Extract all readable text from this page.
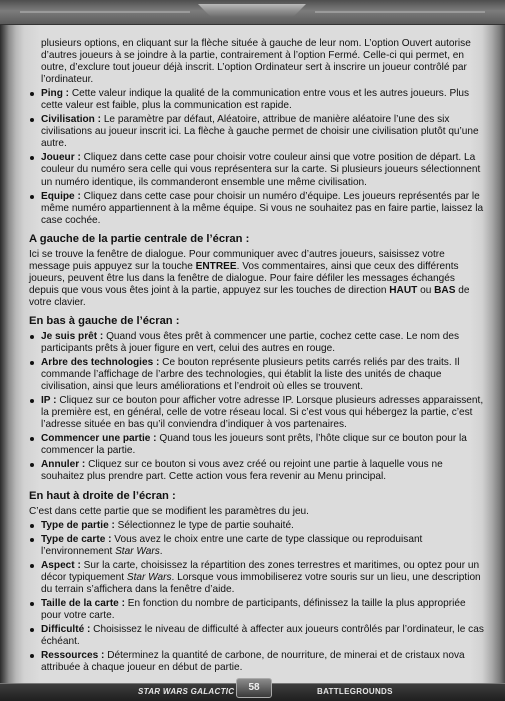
plusieurs options, en cliquant sur la flèche située à gauche de leur nom. L’option Ouvert autorise d’autres joueurs à se joindre à la partie, contrairement à l’option Fermé. Celle-ci qui permet, en outre, d’exclure tout joueur déjà inscrit. L’option Ordinateur sert à inscrire un joueur contrôlé par l’ordinateur.

Ping : Cette valeur indique la qualité de la communication entre vous et les autres joueurs. Plus cette valeur est faible, plus la communication est rapide.
Civilisation : Le paramètre par défaut, Aléatoire, attribue de manière aléatoire l’une des six civilisations au joueur inscrit ici. La flèche à gauche permet de choisir une civilisation plutôt qu’une autre.
Joueur : Cliquez dans cette case pour choisir votre couleur ainsi que votre position de départ. La couleur du numéro sera celle qui vous représentera sur la carte. Si plusieurs joueurs sélectionnent un numéro identique, ils commanderont ensemble une même civilisation.
Equipe : Cliquez dans cette case pour choisir un numéro d’équipe. Les joueurs représentés par le même numéro appartiennent à la même équipe. Si vous ne souhaitez pas en faire partie, laissez la case cochée.
A gauche de la partie centrale de l’écran :

Ici se trouve la fenêtre de dialogue. Pour communiquer avec d’autres joueurs, saisissez votre message puis appuyez sur la touche ENTREE. Vos commentaires, ainsi que ceux des différents joueurs, peuvent être lus dans la fenêtre de dialogue. Pour faire défiler les messages échangés depuis que vous vous êtes joint à la partie, appuyez sur les touches de direction HAUT ou BAS de votre clavier.

En bas à gauche de l’écran :
Je suis prêt : Quand vous êtes prêt à commencer une partie, cochez cette case. Le nom des participants prêts à jouer figure en vert, celui des autres en rouge.
Arbre des technologies : Ce bouton représente plusieurs petits carrés reliés par des traits. Il commande l’affichage de l’arbre des technologies, qui établit la liste des unités de chaque civilisation, ainsi que leurs améliorations et l’endroit où elles se trouvent.
IP : Cliquez sur ce bouton pour afficher votre adresse IP. Lorsque plusieurs adresses apparaissent, la première est, en général, celle de votre réseau local. Si c’est vous qui hébergez la partie, c’est l’adresse située en bas qu’il conviendra d’indiquer à vos partenaires.
Commencer une partie : Quand tous les joueurs sont prêts, l’hôte clique sur ce bouton pour la commencer la partie.
Annuler : Cliquez sur ce bouton si vous avez créé ou rejoint une partie à laquelle vous ne souhaitez plus prendre part. Cette action vous fera revenir au Menu principal.
En haut à droite de l’écran :

C’est dans cette partie que se modifient les paramètres du jeu.

Type de partie : Sélectionnez le type de partie souhaité.
Type de carte : Vous avez le choix entre une carte de type classique ou reproduisant l’environnement Star Wars.
Aspect : Sur la carte, choisissez la répartition des zones terrestres et maritimes, ou optez pour un décor typiquement Star Wars. Lorsque vous immobiliserez votre souris sur un lieu, une description du terrain s’affichera dans la fenêtre d’aide.
Taille de la carte : En fonction du nombre de participants, définissez la taille la plus appropriée pour votre carte.
Difficulté : Choisissez le niveau de difficulté à affecter aux joueurs contrôlés par l’ordinateur, le cas échéant.
Ressources : Déterminez la quantité de carbone, de nourriture, de minerai et de cristaux nova attribuée à chaque joueur en début de partie.
STAR WARS GALACTIC	58	BATTLEGROUNDS
